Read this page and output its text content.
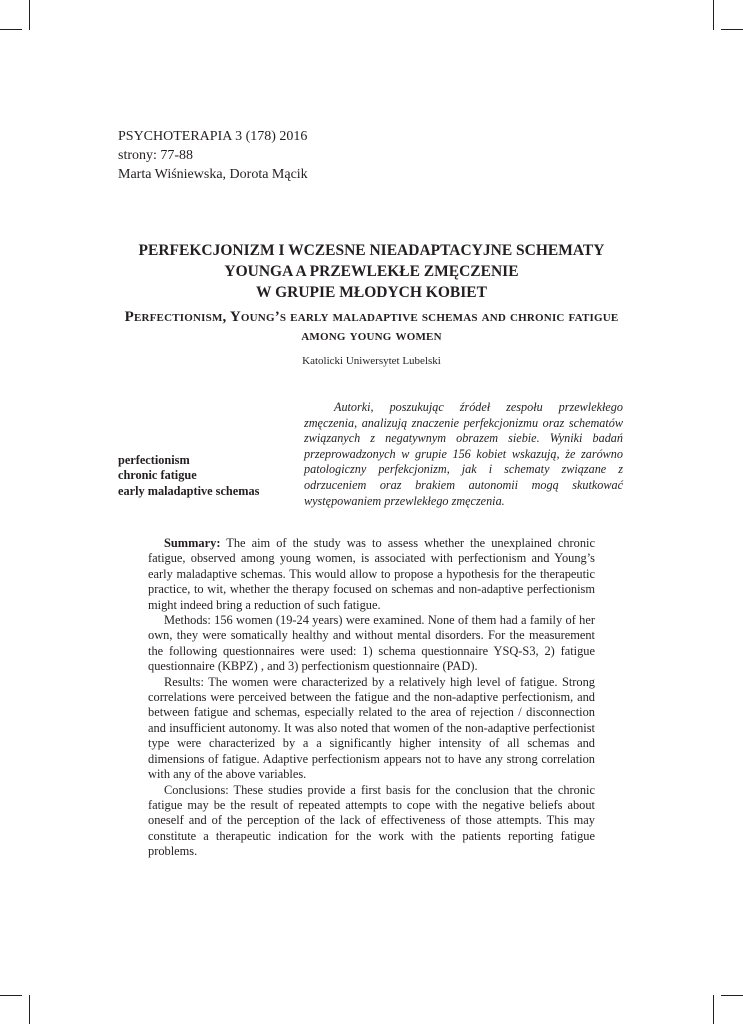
PSYCHOTERAPIA 3 (178) 2016
strony: 77-88
Marta Wiśniewska, Dorota Mącik
PERFEKCJONIZM I WCZESNE NIEADAPTACYJNE SCHEMATY
YOUNGA A PRZEWLEKŁE ZMĘCZENIE
W GRUPIE MŁODYCH KOBIET
Perfectionism, Young’s early maladaptive schemas and chronic fatigue
among young women
Katolicki Uniwersytet Lubelski

Autorki, poszukując źródeł zespołu przewlekłego zmęczenia, analizują znaczenie perfekcjonizmu oraz schematów związanych z negatywnym obrazem siebie. Wyniki badań przeprowadzonych w grupie 156 kobiet wskazują, że zarówno patologiczny perfekcjonizm, jak i schematy związane z odrzuceniem oraz brakiem autonomii mogą skutkować występowaniem przewlekłego zmęczenia.

perfectionism
chronic fatigue
early maladaptive schemas

Summary: The aim of the study was to assess whether the unexplained chronic fatigue, observed among young women, is associated with perfectionism and Young’s early maladaptive schemas. This would allow to propose a hypothesis for the therapeutic practice, to wit, whether the therapy focused on schemas and non-adaptive perfectionism might indeed bring a reduction of such fatigue.

Methods: 156 women (19-24 years) were examined. None of them had a family of her own, they were somatically healthy and without mental disorders. For the measurement the following questionnaires were used: 1) schema questionnaire YSQ-S3, 2) fatigue questionnaire (KBPZ) , and 3) perfectionism questionnaire (PAD).

Results: The women were characterized by a relatively high level of fatigue. Strong correlations were perceived between the fatigue and the non-adaptive perfectionism, and between fatigue and schemas, especially related to the area of rejection / disconnection and insufficient autonomy. It was also noted that women of the non-adaptive perfectionist type were characterized by a a significantly higher intensity of all schemas and dimensions of fatigue. Adaptive perfectionism appears not to have any strong correlation with any of the above variables.

Conclusions: These studies provide a first basis for the conclusion that the chronic fatigue may be the result of repeated attempts to cope with the negative beliefs about oneself and of the perception of the lack of effectiveness of those attempts. This may constitute a therapeutic indication for the work with the patients reporting fatigue problems.
